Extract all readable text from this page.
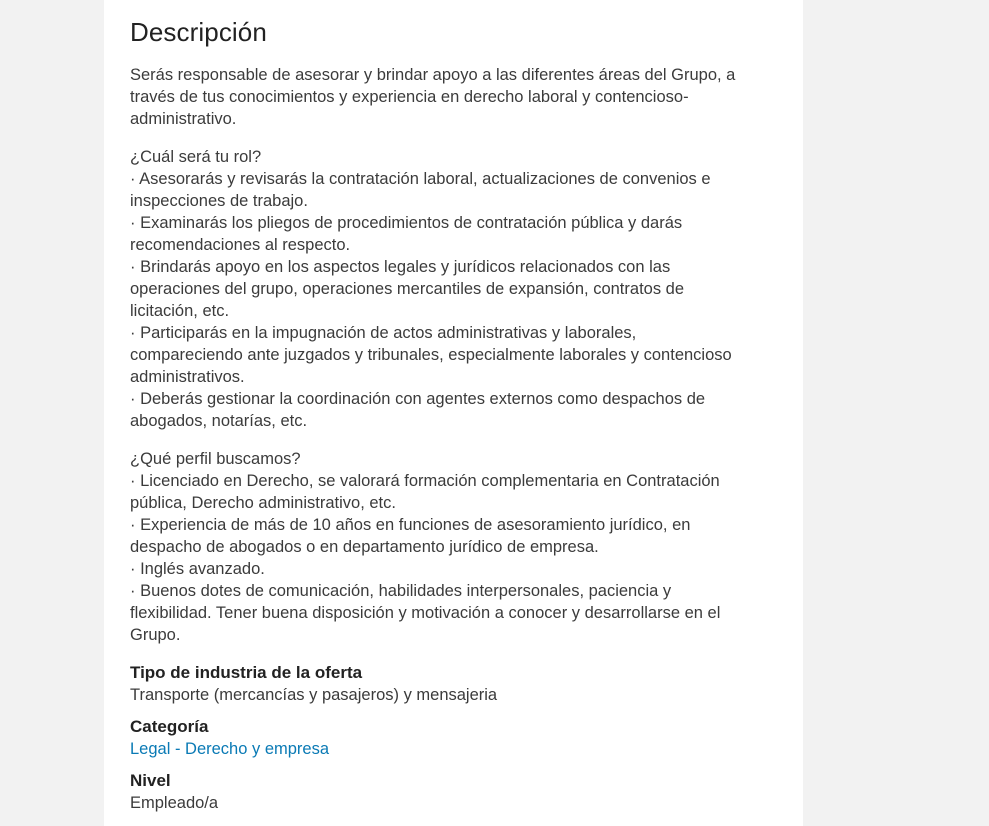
Descripción

Serás responsable de asesorar y brindar apoyo a las diferentes áreas del Grupo, a
través de tus conocimientos y experiencia en derecho laboral y contencioso-
administrativo.

¿Cuál será tu rol?
· Asesorarás y revisarás la contratación laboral, actualizaciones de convenios e
inspecciones de trabajo.
· Examinarás los pliegos de procedimientos de contratación pública y darás
recomendaciones al respecto.
· Brindarás apoyo en los aspectos legales y jurídicos relacionados con las
operaciones del grupo, operaciones mercantiles de expansión, contratos de
licitación, etc.
· Participarás en la impugnación de actos administrativas y laborales,
compareciendo ante juzgados y tribunales, especialmente laborales y contencioso
administrativos.
· Deberás gestionar la coordinación con agentes externos como despachos de
abogados, notarías, etc.

¿Qué perfil buscamos?
· Licenciado en Derecho, se valorará formación complementaria en Contratación
pública, Derecho administrativo, etc.
· Experiencia de más de 10 años en funciones de asesoramiento jurídico, en
despacho de abogados o en departamento jurídico de empresa.
· Inglés avanzado.
· Buenos dotes de comunicación, habilidades interpersonales, paciencia y
flexibilidad. Tener buena disposición y motivación a conocer y desarrollarse en el
Grupo.

Tipo de industria de la oferta
Transporte (mercancías y pasajeros) y mensajeria
Categoría
Legal - Derecho y empresa
Nivel
Empleado/a
